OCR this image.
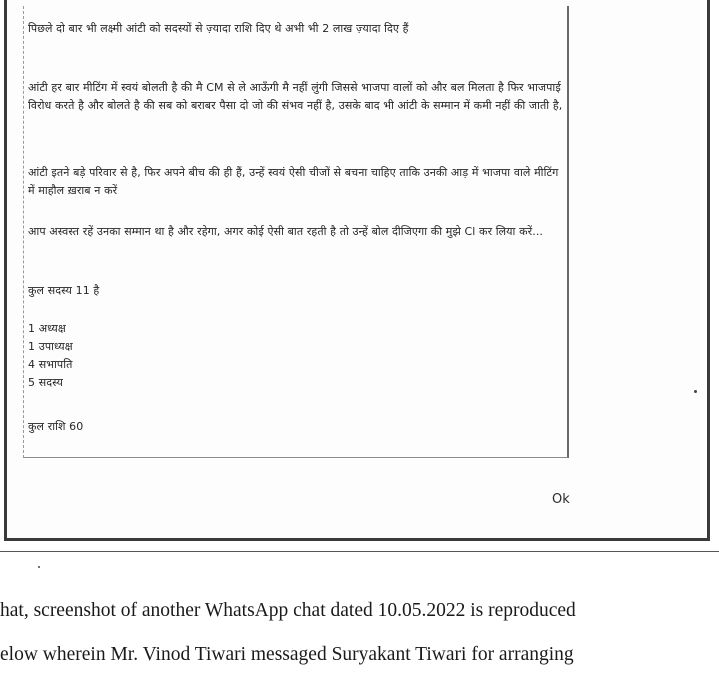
पिछले दो बार भी लक्ष्मी आंटी को सदस्यों से ज़्यादा राशि दिए थे अभी भी 2 लाख ज़्यादा दिए हैं

आंटी हर बार मीटिंग में स्वयं बोलती है की मै CM से ले आऊँगी मै नहीं लुंगी जिससे भाजपा वालों को और बल मिलता है फिर भाजपाई विरोध करते है और बोलते है की सब को बराबर पैसा दो जो की संभव नहीं है, उसके बाद भी आंटी के सम्मान में कमी नहीं की जाती है,

आंटी इतने बड़े परिवार से है, फिर अपने बीच की ही हैं, उन्हें स्वयं ऐसी चीजों से बचना चाहिए ताकि उनकी आड़ में भाजपा वाले मीटिंग में माहौल ख़राब न करें

आप अस्वस्त रहें उनका सम्मान था है और रहेगा, अगर कोई ऐसी बात रहती है तो उन्हें बोल दीजिएगा की मुझे Cl कर लिया करें...

कुल सदस्य 11 है

1 अध्यक्ष
1 उपाध्यक्ष
4 सभापति
5 सदस्य

कुल राशि 60

Ok

hat, screenshot of another WhatsApp chat dated 10.05.2022 is reproduced

elow wherein Mr. Vinod Tiwari messaged Suryakant Tiwari for arranging
